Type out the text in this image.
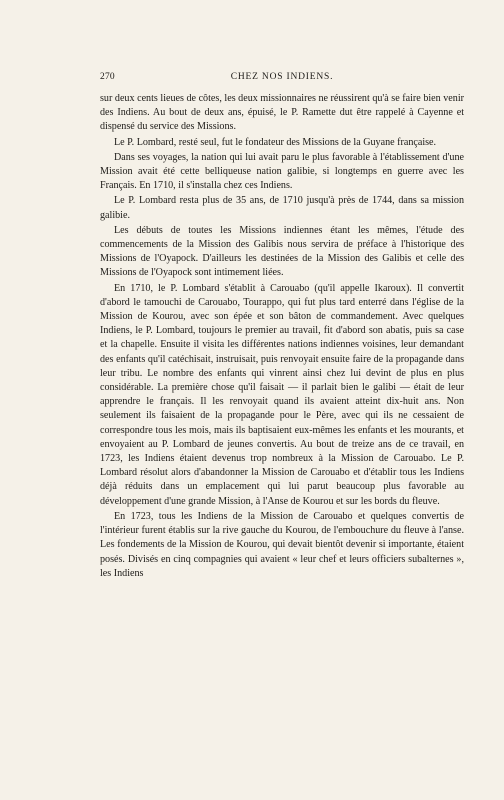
270	CHEZ NOS INDIENS.

sur deux cents lieues de côtes, les deux missionnaires ne réussirent qu'à se faire bien venir des Indiens. Au bout de deux ans, épuisé, le P. Ramette dut être rappelé à Cayenne et dispensé du service des Missions.

Le P. Lombard, resté seul, fut le fondateur des Missions de la Guyane française.

Dans ses voyages, la nation qui lui avait paru le plus favorable à l'établissement d'une Mission avait été cette belliqueuse nation galibie, si longtemps en guerre avec les Français. En 1710, il s'installa chez ces Indiens.

Le P. Lombard resta plus de 35 ans, de 1710 jusqu'à près de 1744, dans sa mission galibie.

Les débuts de toutes les Missions indiennes étant les mêmes, l'étude des commencements de la Mission des Galibis nous servira de préface à l'historique des Missions de l'Oyapock. D'ailleurs les destinées de la Mission des Galibis et celle des Missions de l'Oyapock sont intimement liées.

En 1710, le P. Lombard s'établit à Carouabo (qu'il appelle Ikaroux). Il convertit d'abord le tamouchi de Carouabo, Tourappo, qui fut plus tard enterré dans l'église de la Mission de Kourou, avec son épée et son bâton de commandement. Avec quelques Indiens, le P. Lombard, toujours le premier au travail, fit d'abord son abatis, puis sa case et la chapelle. Ensuite il visita les différentes nations indiennes voisines, leur demandant des enfants qu'il catéchisait, instruisait, puis renvoyait ensuite faire de la propagande dans leur tribu. Le nombre des enfants qui vinrent ainsi chez lui devint de plus en plus considérable. La première chose qu'il faisait — il parlait bien le galibi — était de leur apprendre le français. Il les renvoyait quand ils avaient atteint dix-huit ans. Non seulement ils faisaient de la propagande pour le Père, avec qui ils ne cessaient de correspondre tous les mois, mais ils baptisaient eux-mêmes les enfants et les mourants, et envoyaient au P. Lombard de jeunes convertis. Au bout de treize ans de ce travail, en 1723, les Indiens étaient devenus trop nombreux à la Mission de Carouabo. Le P. Lombard résolut alors d'abandonner la Mission de Carouabo et d'établir tous les Indiens déjà réduits dans un emplacement qui lui parut beaucoup plus favorable au développement d'une grande Mission, à l'Anse de Kourou et sur les bords du fleuve.

En 1723, tous les Indiens de la Mission de Carouabo et quelques convertis de l'intérieur furent établis sur la rive gauche du Kourou, de l'embouchure du fleuve à l'anse. Les fondements de la Mission de Kourou, qui devait bientôt devenir si importante, étaient posés. Divisés en cinq compagnies qui avaient « leur chef et leurs officiers subalternes », les Indiens
